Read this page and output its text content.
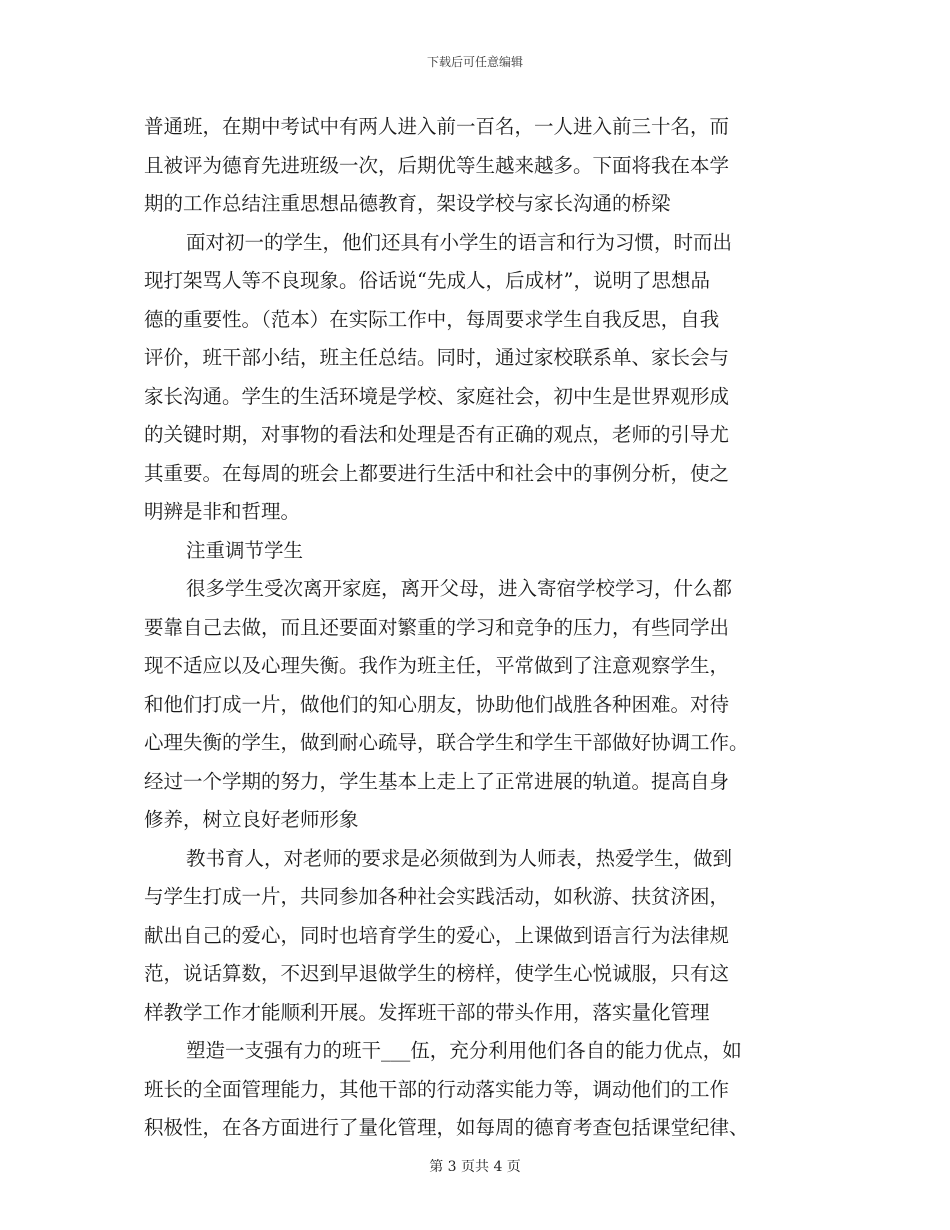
下载后可任意编辑
普通班，在期中考试中有两人进入前一百名，一人进入前三十名，而
且被评为德育先进班级一次，后期优等生越来越多。下面将我在本学
期的工作总结注重思想品德教育，架设学校与家长沟通的桥梁
面对初一的学生，他们还具有小学生的语言和行为习惯，时而出
现打架骂人等不良现象。俗话说“先成人，后成材”，说明了思想品
德的重要性。（范本）在实际工作中，每周要求学生自我反思，自我
评价，班干部小结，班主任总结。同时，通过家校联系单、家长会与
家长沟通。学生的生活环境是学校、家庭社会，初中生是世界观形成
的关键时期，对事物的看法和处理是否有正确的观点，老师的引导尤
其重要。在每周的班会上都要进行生活中和社会中的事例分析，使之
明辨是非和哲理。
注重调节学生
很多学生受次离开家庭，离开父母，进入寄宿学校学习，什么都
要靠自己去做，而且还要面对繁重的学习和竞争的压力，有些同学出
现不适应以及心理失衡。我作为班主任，平常做到了注意观察学生，
和他们打成一片，做他们的知心朋友，协助他们战胜各种困难。对待
心理失衡的学生，做到耐心疏导，联合学生和学生干部做好协调工作。
经过一个学期的努力，学生基本上走上了正常进展的轨道。提高自身
修养，树立良好老师形象
教书育人，对老师的要求是必须做到为人师表，热爱学生，做到
与学生打成一片，共同参加各种社会实践活动，如秋游、扶贫济困，
献出自己的爱心，同时也培育学生的爱心，上课做到语言行为法律规
范，说话算数，不迟到早退做学生的榜样，使学生心悦诚服，只有这
样教学工作才能顺利开展。发挥班干部的带头作用，落实量化管理
塑造一支强有力的班干___伍，充分利用他们各自的能力优点，如
班长的全面管理能力，其他干部的行动落实能力等，调动他们的工作
积极性，在各方面进行了量化管理，如每周的德育考查包括课堂纪律、
第 3 页共 4 页
